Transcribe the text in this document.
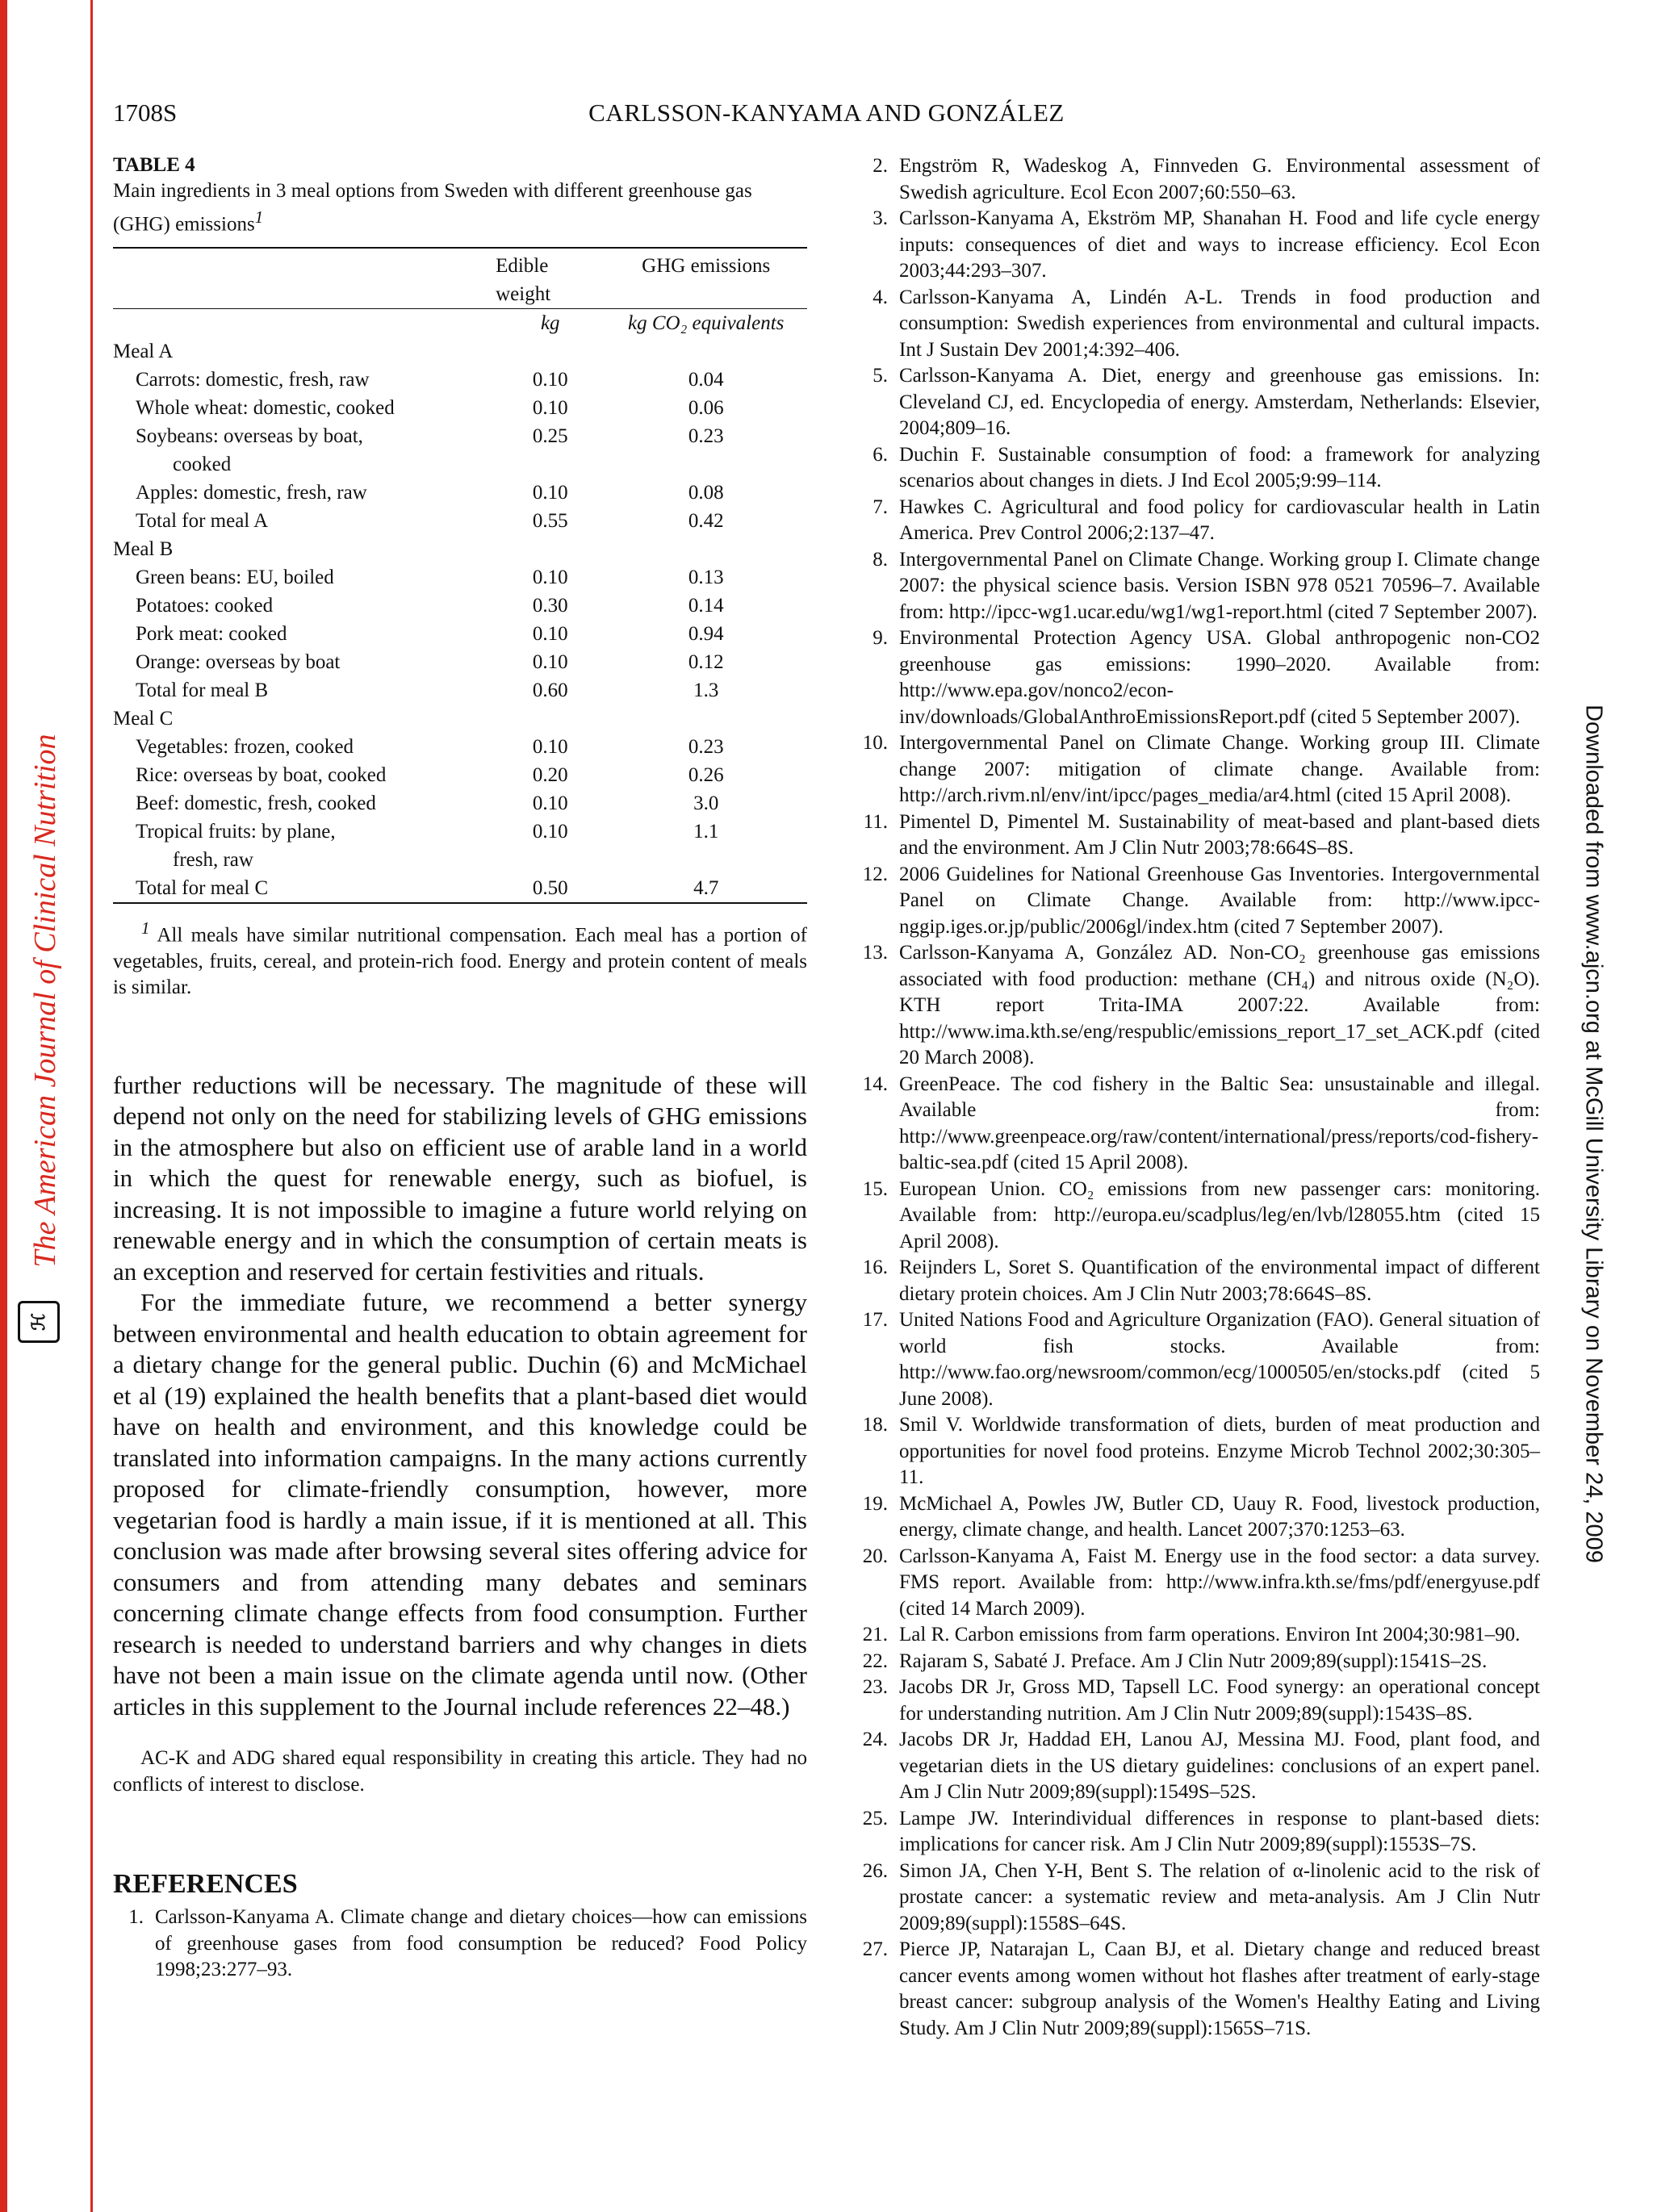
The American Journal of Clinical Nutrition
ℋ	Downloaded from www.ajcn.org at McGill University Library on November 24, 2009
1708S	CARLSSON-KANYAMA AND GONZÁLEZ
TABLE 4
Main ingredients in 3 meal options from Sweden with different greenhouse gas (GHG) emissions$^1$

	Edible weight	GHG emissions
	kg	kg CO₂ equivalents
Meal A		
Carrots: domestic, fresh, raw	0.10	0.04
Whole wheat: domestic, cooked	0.10	0.06
Soybeans: overseas by boat,
cooked	0.25	0.23
Apples: domestic, fresh, raw	0.10	0.08
Total for meal A	0.55	0.42
Meal B		
Green beans: EU, boiled	0.10	0.13
Potatoes: cooked	0.30	0.14
Pork meat: cooked	0.10	0.94
Orange: overseas by boat	0.10	0.12
Total for meal B	0.60	1.3
Meal C		
Vegetables: frozen, cooked	0.10	0.23
Rice: overseas by boat, cooked	0.20	0.26
Beef: domestic, fresh, cooked	0.10	3.0
Tropical fruits: by plane,
fresh, raw	0.10	1.1
Total for meal C	0.50	4.7
$^1$ All meals have similar nutritional compensation. Each meal has a portion of vegetables, fruits, cereal, and protein-rich food. Energy and protein content of meals is similar.

further reductions will be necessary. The magnitude of these will depend not only on the need for stabilizing levels of GHG emissions in the atmosphere but also on efficient use of arable land in a world in which the quest for renewable energy, such as biofuel, is increasing. It is not impossible to imagine a future world relying on renewable energy and in which the consumption of certain meats is an exception and reserved for certain festivities and rituals.

For the immediate future, we recommend a better synergy between environmental and health education to obtain agreement for a dietary change for the general public. Duchin (6) and McMichael et al (19) explained the health benefits that a plant-based diet would have on health and environment, and this knowledge could be translated into information campaigns. In the many actions currently proposed for climate-friendly consumption, however, more vegetarian food is hardly a main issue, if it is mentioned at all. This conclusion was made after browsing several sites offering advice for consumers and from attending many debates and seminars concerning climate change effects from food consumption. Further research is needed to understand barriers and why changes in diets have not been a main issue on the climate agenda until now. (Other articles in this supplement to the Journal include references 22–48.)

AC-K and ADG shared equal responsibility in creating this article. They had no conflicts of interest to disclose.
REFERENCES
1. Carlsson-Kanyama A. Climate change and dietary choices—how can emissions of greenhouse gases from food consumption be reduced? Food Policy 1998;23:277–93.
2. Engström R, Wadeskog A, Finnveden G. Environmental assessment of Swedish agriculture. Ecol Econ 2007;60:550–63.
3. Carlsson-Kanyama A, Ekström MP, Shanahan H. Food and life cycle energy inputs: consequences of diet and ways to increase efficiency. Ecol Econ 2003;44:293–307.
4. Carlsson-Kanyama A, Lindén A-L. Trends in food production and consumption: Swedish experiences from environmental and cultural impacts. Int J Sustain Dev 2001;4:392–406.
5. Carlsson-Kanyama A. Diet, energy and greenhouse gas emissions. In: Cleveland CJ, ed. Encyclopedia of energy. Amsterdam, Netherlands: Elsevier, 2004;809–16.
6. Duchin F. Sustainable consumption of food: a framework for analyzing scenarios about changes in diets. J Ind Ecol 2005;9:99–114.
7. Hawkes C. Agricultural and food policy for cardiovascular health in Latin America. Prev Control 2006;2:137–47.
8. Intergovernmental Panel on Climate Change. Working group I. Climate change 2007: the physical science basis. Version ISBN 978 0521 70596–7. Available from: http://ipcc-wg1.ucar.edu/wg1/wg1-report.html (cited 7 September 2007).
9. Environmental Protection Agency USA. Global anthropogenic non-CO2 greenhouse gas emissions: 1990–2020. Available from: http://www.epa.gov/nonco2/econ-inv/downloads/GlobalAnthroEmissionsReport.pdf (cited 5 September 2007).
10. Intergovernmental Panel on Climate Change. Working group III. Climate change 2007: mitigation of climate change. Available from: http://arch.rivm.nl/env/int/ipcc/pages_media/ar4.html (cited 15 April 2008).
11. Pimentel D, Pimentel M. Sustainability of meat-based and plant-based diets and the environment. Am J Clin Nutr 2003;78:664S–8S.
12. 2006 Guidelines for National Greenhouse Gas Inventories. Intergovernmental Panel on Climate Change. Available from: http://www.ipcc-nggip.iges.or.jp/public/2006gl/index.htm (cited 7 September 2007).
13. Carlsson-Kanyama A, González AD. Non-CO₂ greenhouse gas emissions associated with food production: methane (CH₄) and nitrous oxide (N₂O). KTH report Trita-IMA 2007:22. Available from: http://www.ima.kth.se/eng/respublic/emissions_report_17_set_ACK.pdf (cited 20 March 2008).
14. GreenPeace. The cod fishery in the Baltic Sea: unsustainable and illegal. Available from: http://www.greenpeace.org/raw/content/international/press/reports/cod-fishery-baltic-sea.pdf (cited 15 April 2008).
15. European Union. CO₂ emissions from new passenger cars: monitoring. Available from: http://europa.eu/scadplus/leg/en/lvb/l28055.htm (cited 15 April 2008).
16. Reijnders L, Soret S. Quantification of the environmental impact of different dietary protein choices. Am J Clin Nutr 2003;78:664S–8S.
17. United Nations Food and Agriculture Organization (FAO). General situation of world fish stocks. Available from: http://www.fao.org/newsroom/common/ecg/1000505/en/stocks.pdf (cited 5 June 2008).
18. Smil V. Worldwide transformation of diets, burden of meat production and opportunities for novel food proteins. Enzyme Microb Technol 2002;30:305–11.
19. McMichael A, Powles JW, Butler CD, Uauy R. Food, livestock production, energy, climate change, and health. Lancet 2007;370:1253–63.
20. Carlsson-Kanyama A, Faist M. Energy use in the food sector: a data survey. FMS report. Available from: http://www.infra.kth.se/fms/pdf/energyuse.pdf (cited 14 March 2009).
21. Lal R. Carbon emissions from farm operations. Environ Int 2004;30:981–90.
22. Rajaram S, Sabaté J. Preface. Am J Clin Nutr 2009;89(suppl):1541S–2S.
23. Jacobs DR Jr, Gross MD, Tapsell LC. Food synergy: an operational concept for understanding nutrition. Am J Clin Nutr 2009;89(suppl):1543S–8S.
24. Jacobs DR Jr, Haddad EH, Lanou AJ, Messina MJ. Food, plant food, and vegetarian diets in the US dietary guidelines: conclusions of an expert panel. Am J Clin Nutr 2009;89(suppl):1549S–52S.
25. Lampe JW. Interindividual differences in response to plant-based diets: implications for cancer risk. Am J Clin Nutr 2009;89(suppl):1553S–7S.
26. Simon JA, Chen Y-H, Bent S. The relation of α-linolenic acid to the risk of prostate cancer: a systematic review and meta-analysis. Am J Clin Nutr 2009;89(suppl):1558S–64S.
27. Pierce JP, Natarajan L, Caan BJ, et al. Dietary change and reduced breast cancer events among women without hot flashes after treatment of early-stage breast cancer: subgroup analysis of the Women's Healthy Eating and Living Study. Am J Clin Nutr 2009;89(suppl):1565S–71S.
